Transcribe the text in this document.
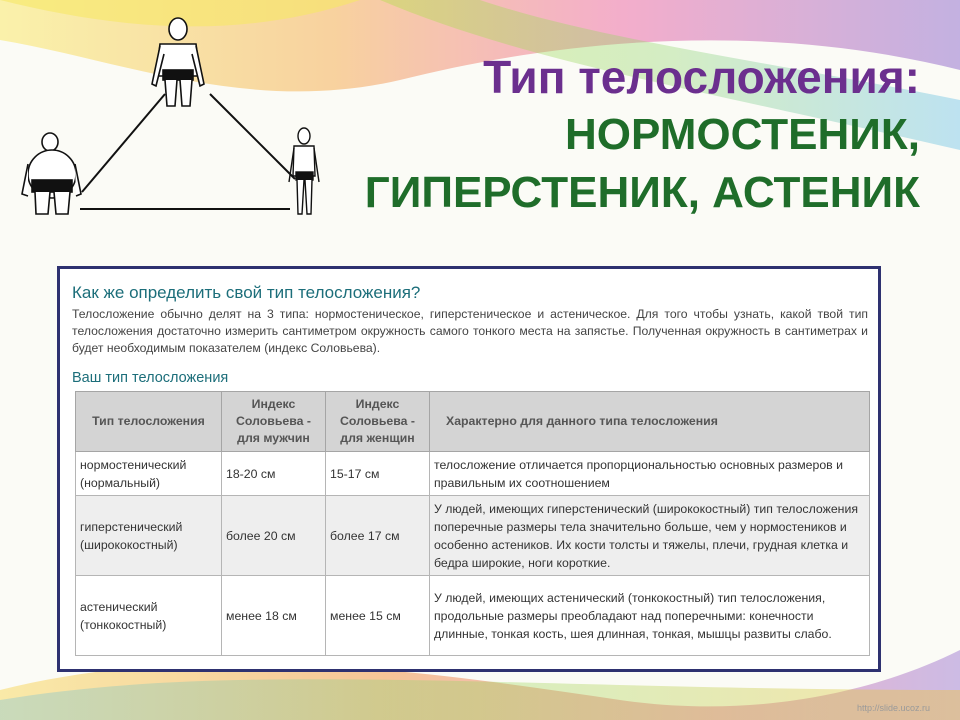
Тип телосложения:
НОРМОСТЕНИК,
ГИПЕРСТЕНИК, АСТЕНИК
Как же определить свой тип телосложения?

Телосложение обычно делят на 3 типа: нормостеническое, гиперстеническое и астеническое. Для того чтобы узнать, какой твой тип телосложения достаточно измерить сантиметром окружность самого тонкого места на запястье. Полученная окружность в сантиметрах и будет необходимым показателем (индекс Соловьева).

Ваш тип телосложения
Тип телосложения	Индекс Соловьева - для мужчин	Индекс Соловьева - для женщин	Характерно для данного типа телосложения
нормостенический (нормальный)	18-20 см	15-17 см	телосложение отличается пропорциональностью основных размеров и правильным их соотношением
гиперстенический (ширококостный)	более 20 см	более 17 см	У людей, имеющих гиперстенический (ширококостный) тип телосложения поперечные размеры тела значительно больше, чем у нормостеников и особенно астеников. Их кости толсты и тяжелы, плечи, грудная клетка и бедра широкие, ноги короткие.
астенический (тонкокостный)	менее 18 см	менее 15 см	У людей, имеющих астенический (тонкокостный) тип телосложения, продольные размеры преобладают над поперечными: конечности длинные, тонкая кость, шея длинная, тонкая, мышцы развиты слабо.
http://slide.ucoz.ru
